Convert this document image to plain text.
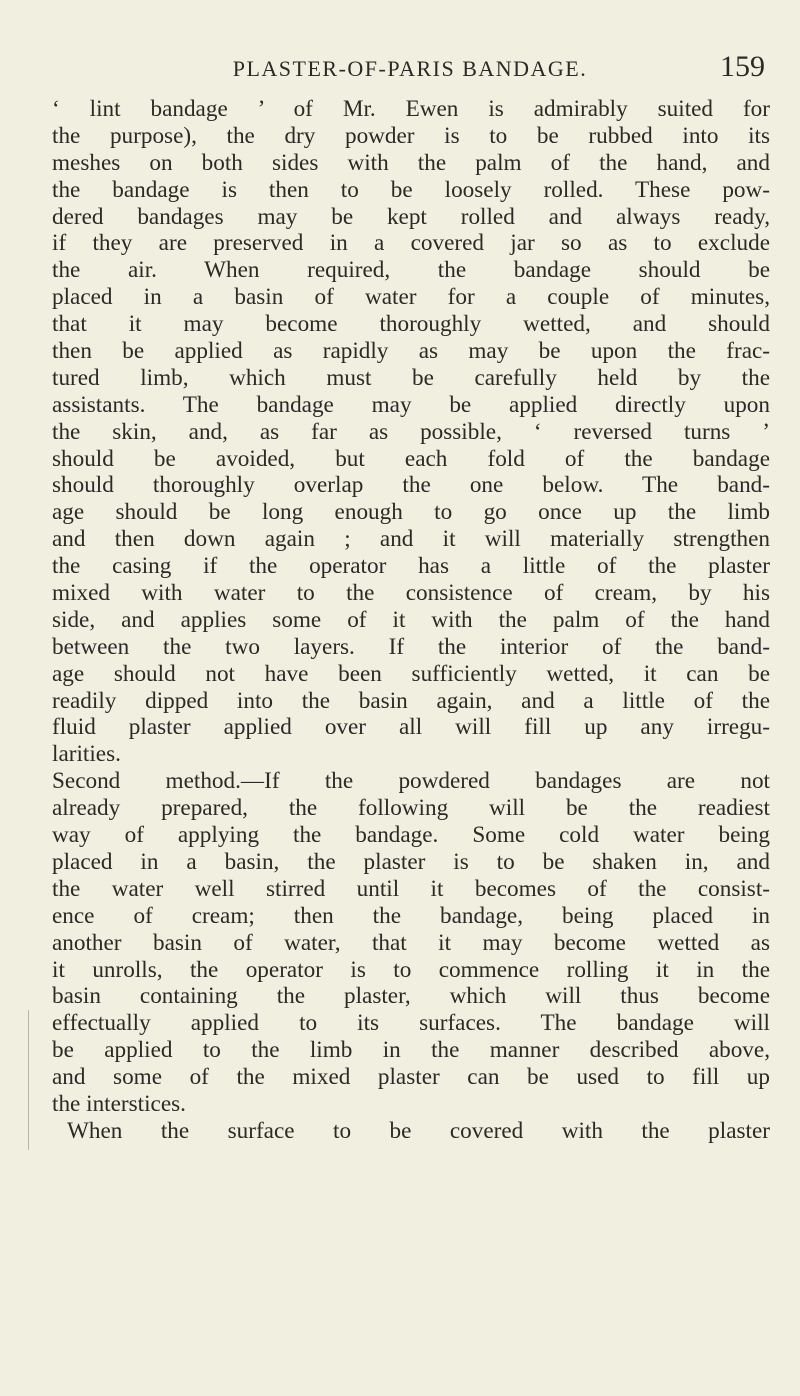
PLASTER-OF-PARIS BANDAGE.	159
‘ lint bandage ’ of Mr. Ewen is admirably suited for
the purpose), the dry powder is to be rubbed into its
meshes on both sides with the palm of the hand, and
the bandage is then to be loosely rolled. These pow-
dered bandages may be kept rolled and always ready,
if they are preserved in a covered jar so as to exclude
the air. When required, the bandage should be
placed in a basin of water for a couple of minutes,
that it may become thoroughly wetted, and should
then be applied as rapidly as may be upon the frac-
tured limb, which must be carefully held by the
assistants. The bandage may be applied directly upon
the skin, and, as far as possible, ‘ reversed turns ’
should be avoided, but each fold of the bandage
should thoroughly overlap the one below. The band-
age should be long enough to go once up the limb
and then down again ; and it will materially strengthen
the casing if the operator has a little of the plaster
mixed with water to the consistence of cream, by his
side, and applies some of it with the palm of the hand
between the two layers. If the interior of the band-
age should not have been sufficiently wetted, it can be
readily dipped into the basin again, and a little of the
fluid plaster applied over all will fill up any irregu-
larities.
Second method.—If the powdered bandages are not
already prepared, the following will be the readiest
way of applying the bandage. Some cold water being
placed in a basin, the plaster is to be shaken in, and
the water well stirred until it becomes of the consist-
ence of cream; then the bandage, being placed in
another basin of water, that it may become wetted as
it unrolls, the operator is to commence rolling it in the
basin containing the plaster, which will thus become
effectually applied to its surfaces. The bandage will
be applied to the limb in the manner described above,
and some of the mixed plaster can be used to fill up
the interstices.
When the surface to be covered with the plaster
